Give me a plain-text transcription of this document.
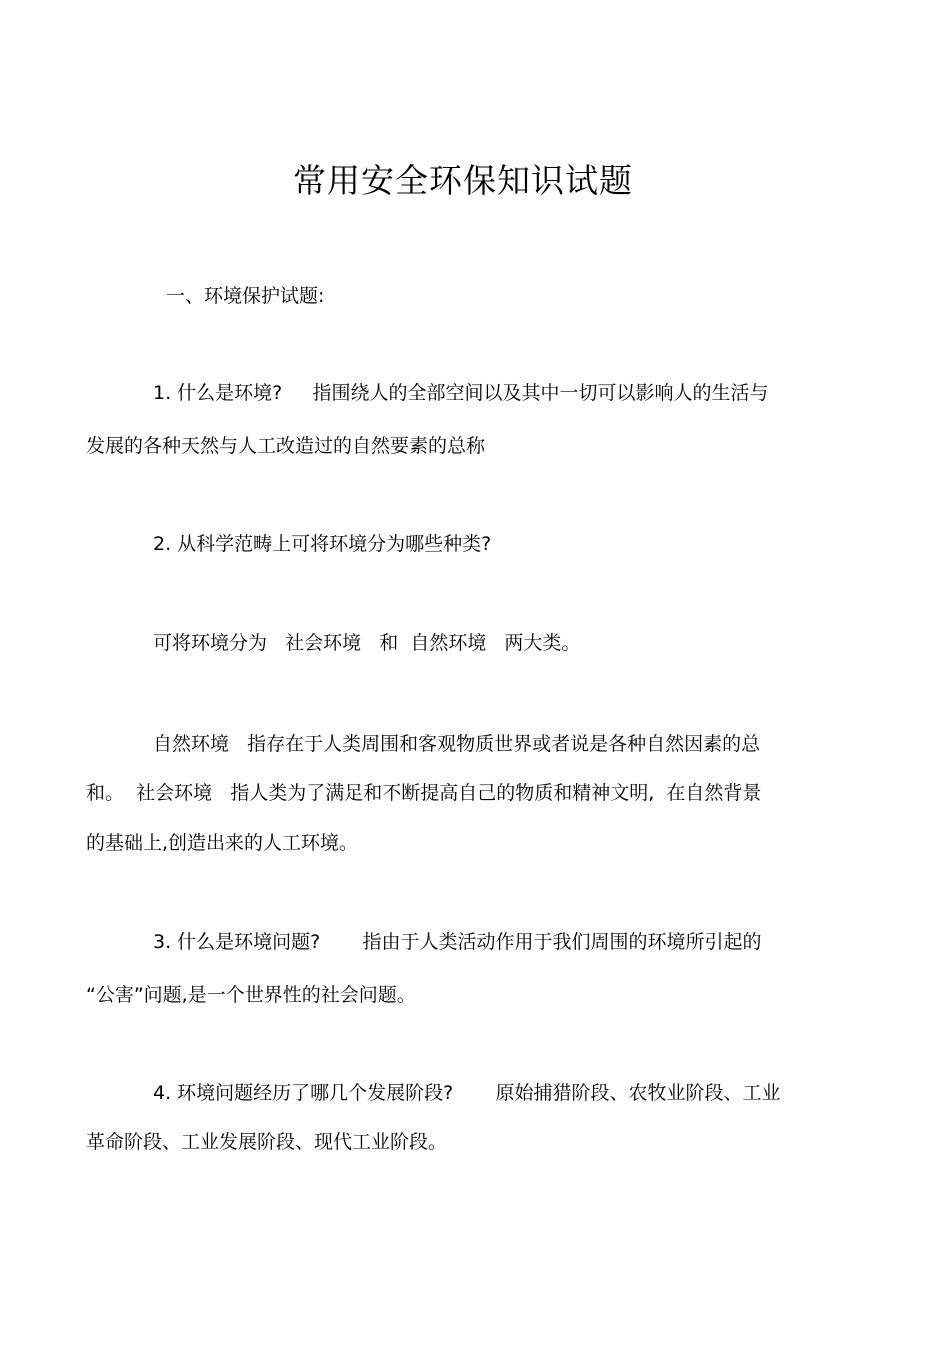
常用安全环保知识试题
一、环境保护试题:
1. 什么是环境?     指围绕人的全部空间以及其中一切可以影响人的生活与
发展的各种天然与人工改造过的自然要素的总称
2. 从科学范畴上可将环境分为哪些种类?
可将环境分为   社会环境   和  自然环境   两大类。
自然环境   指存在于人类周围和客观物质世界或者说是各种自然因素的总
和。  社会环境   指人类为了满足和不断提高自己的物质和精神文明,  在自然背景
的基础上,创造出来的人工环境。
3. 什么是环境问题?       指由于人类活动作用于我们周围的环境所引起的
“公害”问题,是一个世界性的社会问题。
4. 环境问题经历了哪几个发展阶段?       原始捕猎阶段、农牧业阶段、工业
革命阶段、工业发展阶段、现代工业阶段。
